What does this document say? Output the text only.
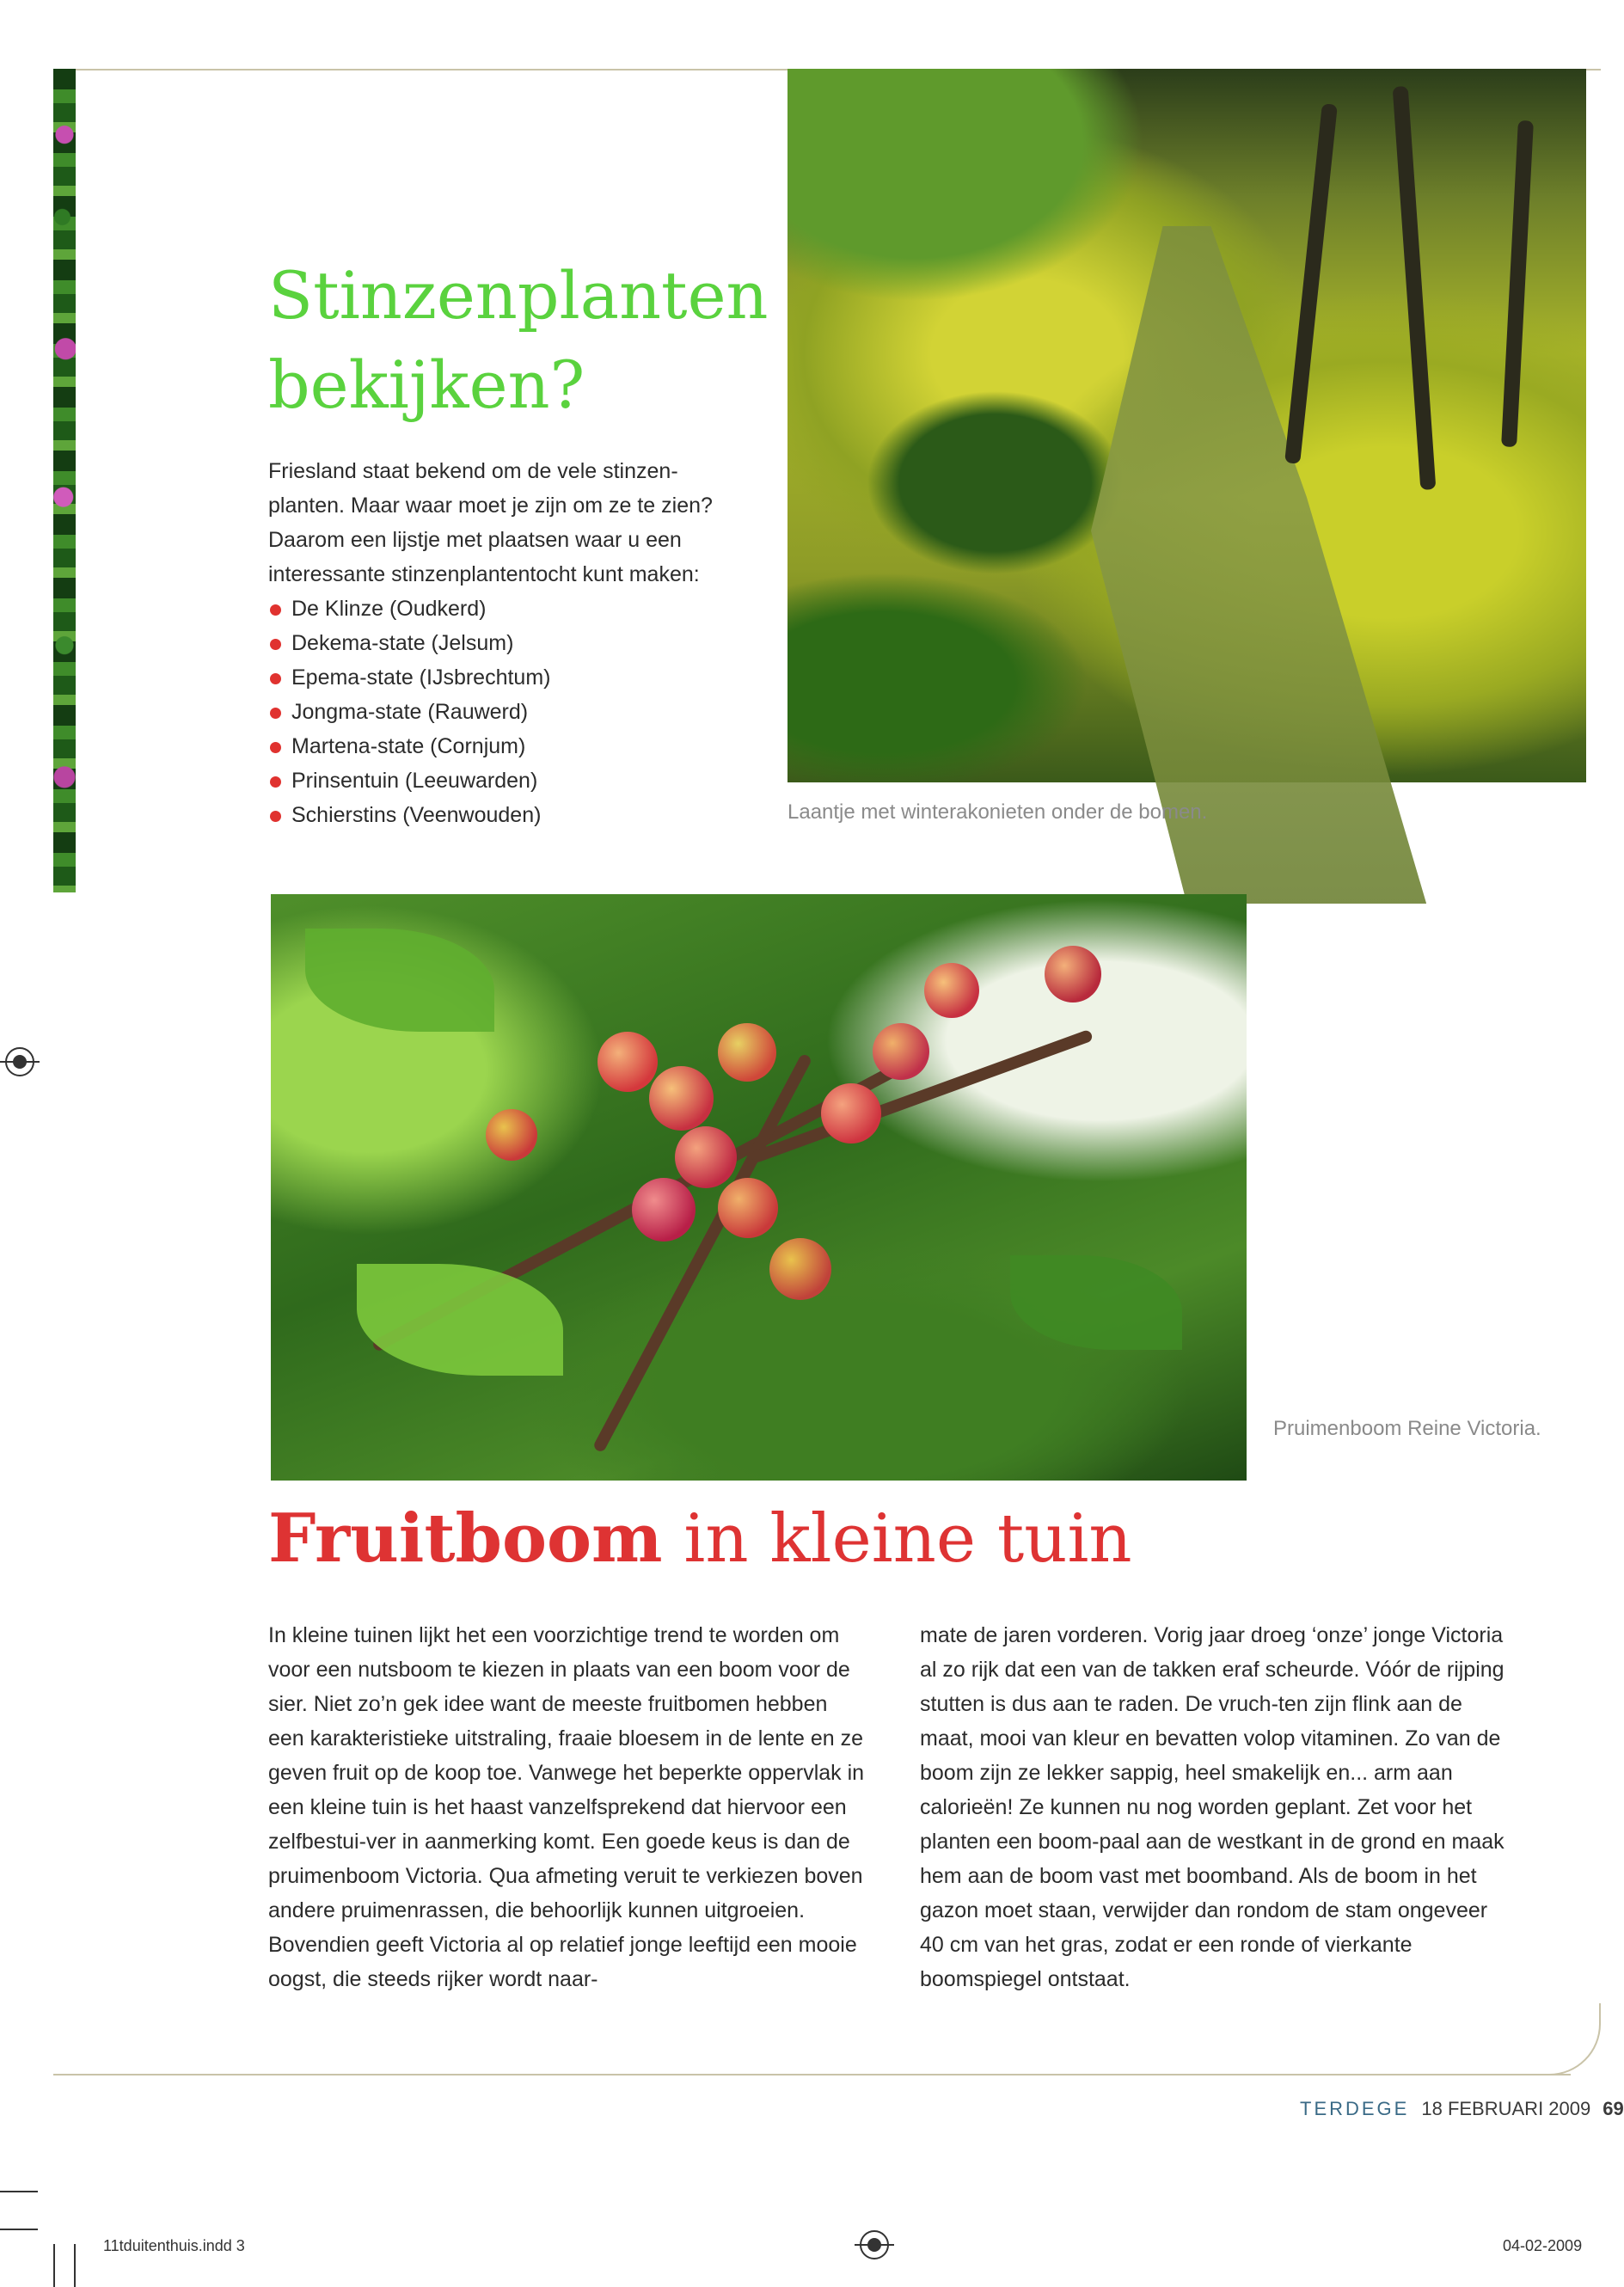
Stinzenplanten
bekijken?

Friesland staat bekend om de vele stinzen-planten. Maar waar moet je zijn om ze te zien? Daarom een lijstje met plaatsen waar u een interessante stinzenplantentocht kunt maken:

De Klinze (Oudkerd)
Dekema-state (Jelsum)
Epema-state (IJsbrechtum)
Jongma-state (Rauwerd)
Martena-state (Cornjum)
Prinsentuin (Leeuwarden)
Schierstins (Veenwouden)	Laantje met winterakonieten onder de bomen.

Pruimenboom Reine Victoria.

Fruitboom in kleine tuin

In kleine tuinen lijkt het een voorzichtige trend te worden om voor een nutsboom te kiezen in plaats van een boom voor de sier. Niet zo’n gek idee want de meeste fruitbomen hebben een karakteristieke uitstraling, fraaie bloesem in de lente en ze geven fruit op de koop toe. Vanwege het beperkte oppervlak in een kleine tuin is het haast vanzelfsprekend dat hiervoor een zelfbestui-ver in aanmerking komt. Een goede keus is dan de pruimenboom Victoria. Qua afmeting veruit te verkiezen boven andere pruimenrassen, die behoorlijk kunnen uitgroeien. Bovendien geeft Victoria al op relatief jonge leeftijd een mooie oogst, die steeds rijker wordt naar-

mate de jaren vorderen. Vorig jaar droeg ‘onze’ jonge Victoria al zo rijk dat een van de takken eraf scheurde. Vóór de rijping stutten is dus aan te raden. De vruch-ten zijn flink aan de maat, mooi van kleur en bevatten volop vitaminen. Zo van de boom zijn ze lekker sappig, heel smakelijk en... arm aan calorieën! Ze kunnen nu nog worden geplant. Zet voor het planten een boom-paal aan de westkant in de grond en maak hem aan de boom vast met boomband. Als de boom in het gazon moet staan, verwijder dan rondom de stam ongeveer 40 cm van het gras, zodat er een ronde of vierkante boomspiegel ontstaat.

TERDEGE 18 FEBRUARI 2009 69
11tduitenthuis.indd 3	04-02-2009
